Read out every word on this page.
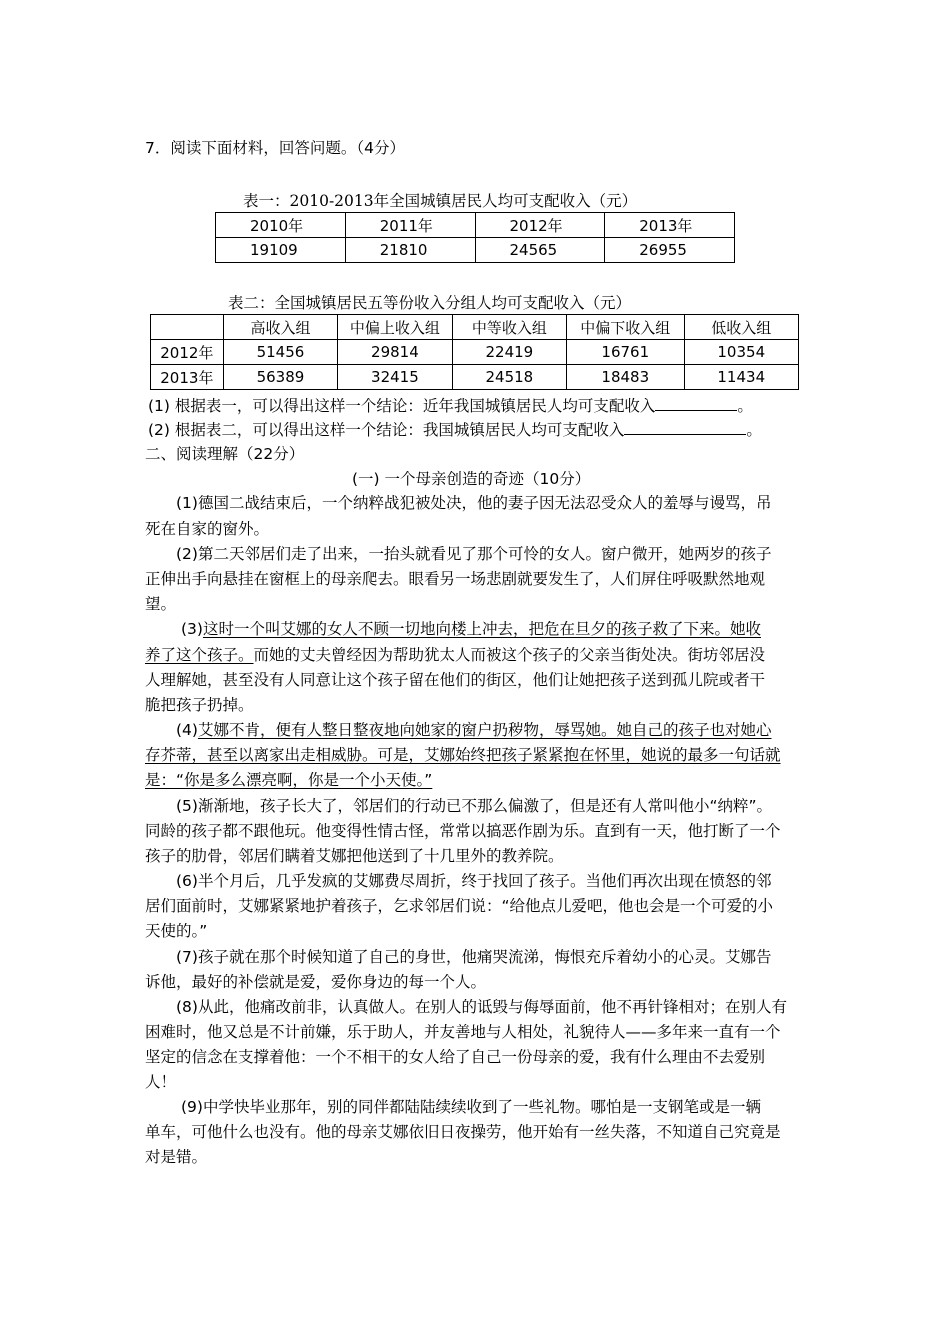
7．阅读下面材料，回答问题。（4分）
表一：2010-2013年全国城镇居民人均可支配收入（元）
2010年	2011年	2012年	2013年
19109	21810	24565	26955
表二：全国城镇居民五等份收入分组人均可支配收入（元）
	高收入组	中偏上收入组	中等收入组	中偏下收入组	低收入组
2012年	51456	29814	22419	16761	10354
2013年	56389	32415	24518	18483	11434
(1) 根据表一，可以得出这样一个结论：近年我国城镇居民人均可支配收入	。
(2) 根据表二，可以得出这样一个结论：我国城镇居民人均可支配收入	。
二、阅读理解（22分）
(一) 一个母亲创造的奇迹（10分）
(1)德国二战结束后，一个纳粹战犯被处决，他的妻子因无法忍受众人的羞辱与谩骂，吊
死在自家的窗外。
(2)第二天邻居们走了出来，一抬头就看见了那个可怜的女人。窗户微开，她两岁的孩子
正伸出手向悬挂在窗框上的母亲爬去。眼看另一场悲剧就要发生了，人们屏住呼吸默然地观
望。
(3)这时一个叫艾娜的女人不顾一切地向楼上冲去，把危在旦夕的孩子救了下来。她收
养了这个孩子。而她的丈夫曾经因为帮助犹太人而被这个孩子的父亲当街处决。街坊邻居没
人理解她，甚至没有人同意让这个孩子留在他们的街区，他们让她把孩子送到孤儿院或者干
脆把孩子扔掉。
(4)艾娜不肯，便有人整日整夜地向她家的窗户扔秽物，辱骂她。她自己的孩子也对她心
存芥蒂，甚至以离家出走相威胁。可是，艾娜始终把孩子紧紧抱在怀里，她说的最多一句话就
是：“你是多么漂亮啊，你是一个小天使。”
(5)渐渐地，孩子长大了，邻居们的行动已不那么偏激了，但是还有人常叫他小“纳粹”。
同龄的孩子都不跟他玩。他变得性情古怪，常常以搞恶作剧为乐。直到有一天，他打断了一个
孩子的肋骨，邻居们瞒着艾娜把他送到了十几里外的教养院。
(6)半个月后，几乎发疯的艾娜费尽周折，终于找回了孩子。当他们再次出现在愤怒的邻
居们面前时，艾娜紧紧地护着孩子，乞求邻居们说：“给他点儿爱吧，他也会是一个可爱的小
天使的。”
(7)孩子就在那个时候知道了自己的身世，他痛哭流涕，悔恨充斥着幼小的心灵。艾娜告
诉他，最好的补偿就是爱，爱你身边的每一个人。
(8)从此，他痛改前非，认真做人。在别人的诋毁与侮辱面前，他不再针锋相对；在别人有
困难时，他又总是不计前嫌，乐于助人，并友善地与人相处，礼貌待人——多年来一直有一个
坚定的信念在支撑着他：一个不相干的女人给了自己一份母亲的爱，我有什么理由不去爱别
人！
(9)中学快毕业那年，别的同伴都陆陆续续收到了一些礼物。哪怕是一支钢笔或是一辆
单车，可他什么也没有。他的母亲艾娜依旧日夜操劳，他开始有一丝失落，不知道自己究竟是
对是错。
